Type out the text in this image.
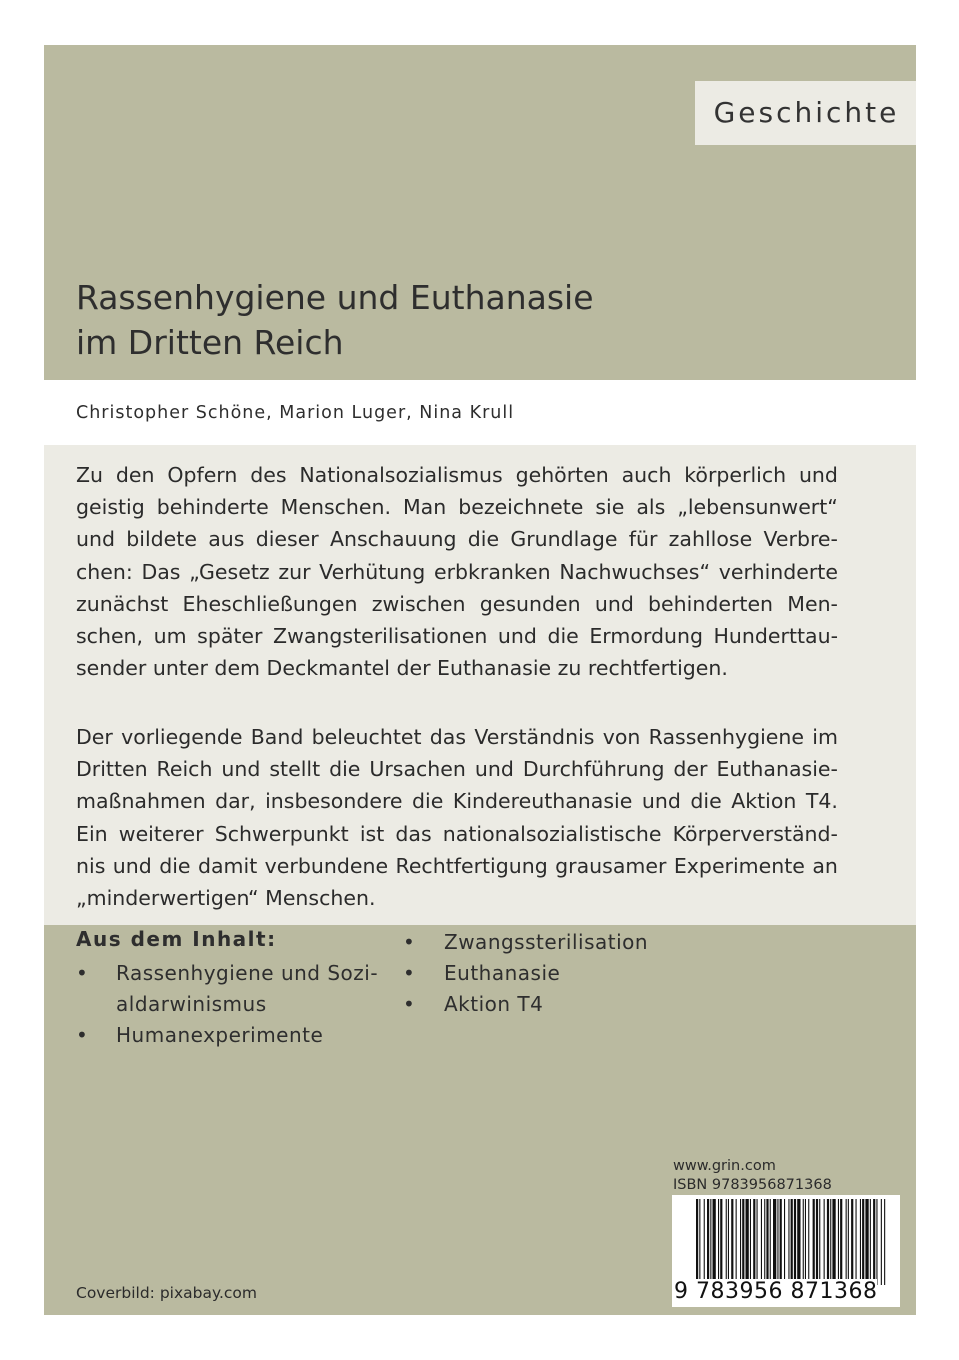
Geschichte
Rassenhygiene und Euthanasie
im Dritten Reich
Christopher Schöne, Marion Luger, Nina Krull
Zu den Opfern des Nationalsozialismus gehörten auch körperlich und
geistig behinderte Menschen. Man bezeichnete sie als „lebensunwert“
und bildete aus dieser Anschauung die Grundlage für zahllose Verbre-
chen: Das „Gesetz zur Verhütung erbkranken Nachwuchses“ verhinderte
zunächst Eheschließungen zwischen gesunden und behinderten Men-
schen, um später Zwangsterilisationen und die Ermordung Hunderttau-
sender unter dem Deckmantel der Euthanasie zu rechtfertigen.
Der vorliegende Band beleuchtet das Verständnis von Rassenhygiene im
Dritten Reich und stellt die Ursachen und Durchführung der Euthanasie-
maßnahmen dar, insbesondere die Kindereuthanasie und die Aktion T4.
Ein weiterer Schwerpunkt ist das nationalsozialistische Körperverständ-
nis und die damit verbundene Rechtfertigung grausamer Experimente an
„minderwertigen“ Menschen.
Aus dem Inhalt:
• Rassenhygiene und Sozi-
aldarwinismus
• Humanexperimente
• Zwangssterilisation
• Euthanasie
• Aktion T4
www.grin.com
ISBN 9783956871368
9 783956 871368
Coverbild: pixabay.com
